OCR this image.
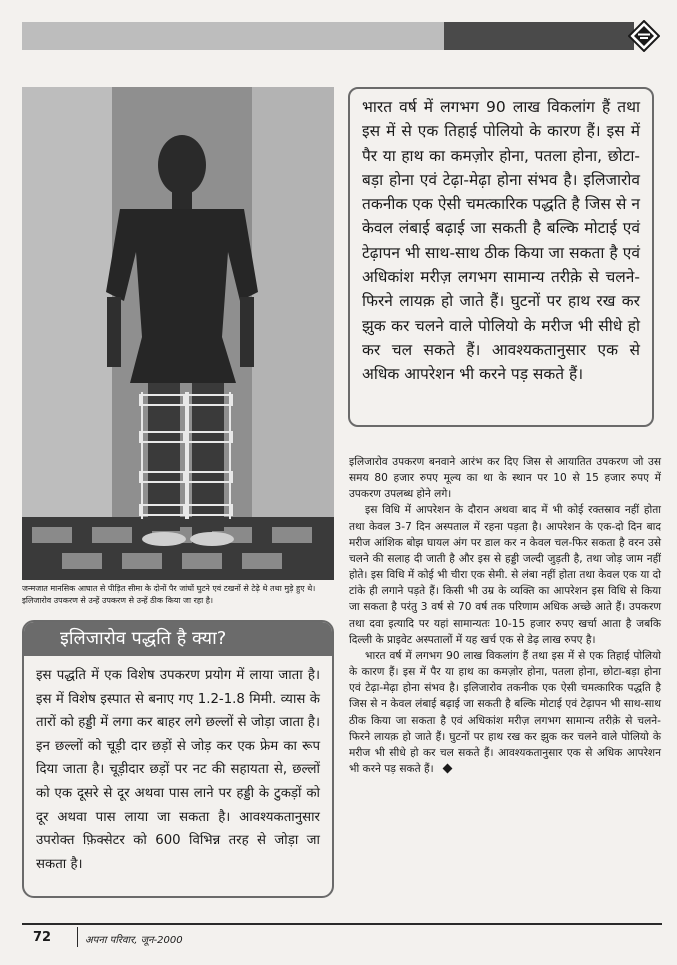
जन्मजात मानसिक आघात से पीड़ित सीमा के दोनों पैर जांघों घुटने एवं टखनों से टेढ़े थे तथा मुड़े हुए थे। इलिजारोव उपकरण से उन्हें उपकरण से उन्हें ठीक किया जा रहा है।

भारत वर्ष में लगभग 90 लाख विकलांग हैं तथा इस में से एक तिहाई पोलियो के कारण हैं। इस में पैर या हाथ का कमज़ोर होना, पतला होना, छोटा-बड़ा होना एवं टेढ़ा-मेढ़ा होना संभव है। इलिजारोव तकनीक एक ऐसी चमत्कारिक पद्धति है जिस से न केवल लंबाई बढ़ाई जा सकती है बल्कि मोटाई एवं टेढ़ापन भी साथ-साथ ठीक किया जा सकता है एवं अधिकांश मरीज़ लगभग सामान्य तरीक़े से चलने-फिरने लायक़ हो जाते हैं। घुटनों पर हाथ रख कर झुक कर चलने वाले पोलियो के मरीज भी सीधे हो कर चल सकते हैं। आवश्यकतानुसार एक से अधिक आपरेशन भी करने पड़ सकते हैं।

इलिजारोव पद्धति है क्या?

इस पद्धति में एक विशेष उपकरण प्रयोग में लाया जाता है। इस में विशेष इस्पात से बनाए गए 1.2-1.8 मिमी. व्यास के तारों को हड्डी में लगा कर बाहर लगे छल्लों से जोड़ा जाता है। इन छल्लों को चूड़ी दार छड़ों से जोड़ कर एक फ्रेम का रूप दिया जाता है। चूड़ीदार छड़ों पर नट की सहायता से, छल्लों को एक दूसरे से दूर अथवा पास लाने पर हड्डी के टुकड़ों को दूर अथवा पास लाया जा सकता है। आवश्यकतानुसार उपरोक्त फ़िक्सेटर को 600 विभिन्न तरह से जोड़ा जा सकता है।

इलिजारोव उपकरण बनवाने आरंभ कर दिए जिस से आयातित उपकरण जो उस समय 80 हजार रुपए मूल्य का था के स्थान पर 10 से 15 हजार रुपए में उपकरण उपलब्ध होने लगे।

इस विधि में आपरेशन के दौरान अथवा बाद में भी कोई रक्तस्राव नहीं होता तथा केवल 3-7 दिन अस्पताल में रहना पड़ता है। आपरेशन के एक-दो दिन बाद मरीज आंशिक बोझ घायल अंग पर डाल कर न केवल चल-फिर सकता है वरन उसे चलने की सलाह दी जाती है और इस से हड्डी जल्दी जुड़ती है, तथा जोड़ जाम नहीं होते। इस विधि में कोई भी चीरा एक सेमी. से लंबा नहीं होता तथा केवल एक या दो टांके ही लगाने पड़ते हैं। किसी भी उम्र के व्यक्ति का आपरेशन इस विधि से किया जा सकता है परंतु 3 वर्ष से 70 वर्ष तक परिणाम अधिक अच्छे आते हैं। उपकरण तथा दवा इत्यादि पर यहां सामान्यतः 10-15 हजार रुपए खर्चा आता है जबकि दिल्ली के प्राइवेट अस्पतालों में यह खर्च एक से डेढ़ लाख रुपए है।

भारत वर्ष में लगभग 90 लाख विकलांग हैं तथा इस में से एक तिहाई पोलियो के कारण हैं। इस में पैर या हाथ का कमज़ोर होना, पतला होना, छोटा-बड़ा होना एवं टेढ़ा-मेढ़ा होना संभव है। इलिजारोव तकनीक एक ऐसी चमत्कारिक पद्धति है जिस से न केवल लंबाई बढ़ाई जा सकती है बल्कि मोटाई एवं टेढ़ापन भी साथ-साथ ठीक किया जा सकता है एवं अधिकांश मरीज़ लगभग सामान्य तरीक़े से चलने-फिरने लायक़ हो जाते हैं। घुटनों पर हाथ रख कर झुक कर चलने वाले पोलियो के मरीज भी सीधे हो कर चल सकते हैं। आवश्यकतानुसार एक से अधिक आपरेशन भी करने पड़ सकते हैं।

72	अपना परिवार, जून-2000
